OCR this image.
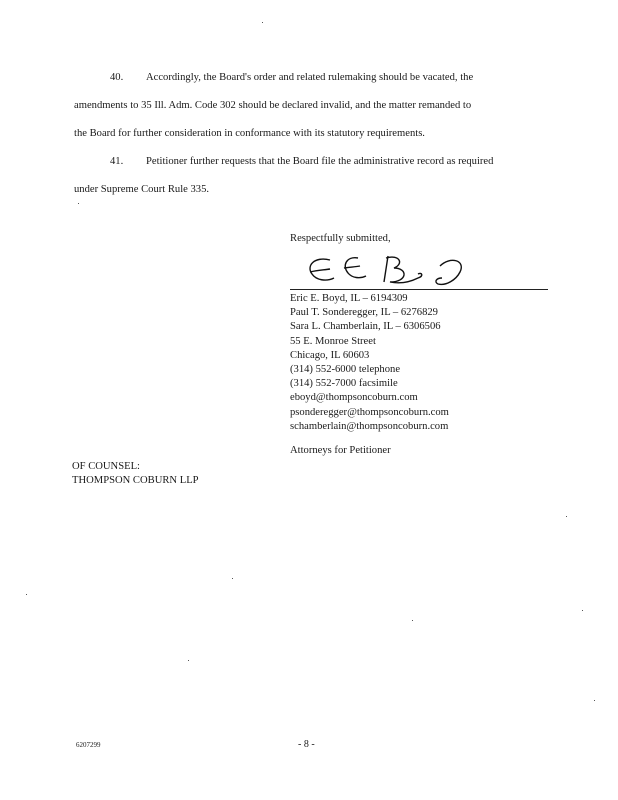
40. Accordingly, the Board's order and related rulemaking should be vacated, the
amendments to 35 Ill. Adm. Code 302 should be declared invalid, and the matter remanded to
the Board for further consideration in conformance with its statutory requirements.
41. Petitioner further requests that the Board file the administrative record as required
under Supreme Court Rule 335.
Respectfully submitted,
Eric E. Boyd, IL – 6194309
Paul T. Sonderegger, IL – 6276829
Sara L. Chamberlain, IL – 6306506
55 E. Monroe Street
Chicago, IL 60603
(314) 552-6000 telephone
(314) 552-7000 facsimile
eboyd@thompsoncoburn.com
psonderegger@thompsoncoburn.com
schamberlain@thompsoncoburn.com
Attorneys for Petitioner
OF COUNSEL:
THOMPSON COBURN LLP
6207299	- 8 -
